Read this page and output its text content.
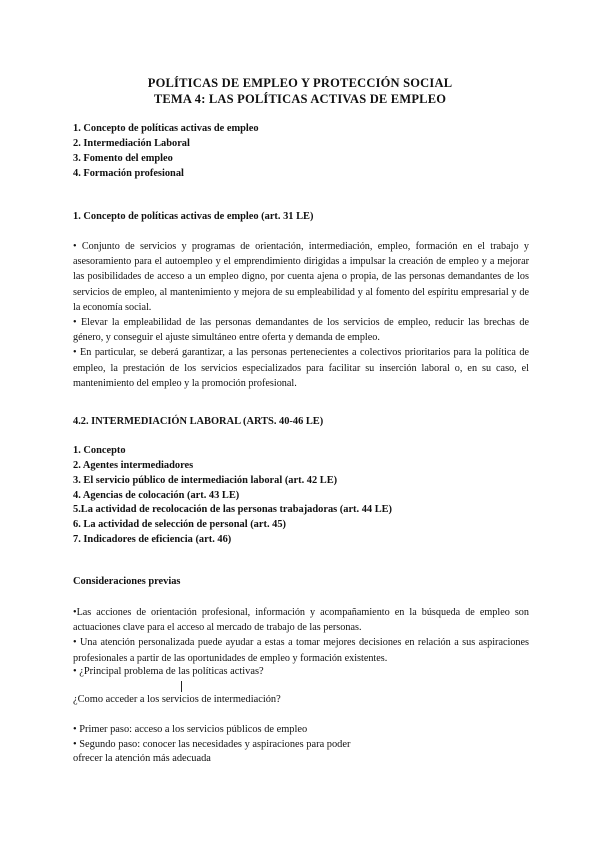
POLÍTICAS DE EMPLEO Y PROTECCIÓN SOCIAL
TEMA 4: LAS POLÍTICAS ACTIVAS DE EMPLEO
1. Concepto de políticas activas de empleo
2. Intermediación Laboral
3. Fomento del empleo
4. Formación profesional
1. Concepto de políticas activas de empleo (art. 31 LE)

• Conjunto de servicios y programas de orientación, intermediación, empleo, formación en el trabajo y asesoramiento para el autoempleo y el emprendimiento dirigidas a impulsar la creación de empleo y a mejorar las posibilidades de acceso a un empleo digno, por cuenta ajena o propia, de las personas demandantes de los servicios de empleo, al mantenimiento y mejora de su empleabilidad y al fomento del espíritu empresarial y de la economía social.

• Elevar la empleabilidad de las personas demandantes de los servicios de empleo, reducir las brechas de género, y conseguir el ajuste simultáneo entre oferta y demanda de empleo.

• En particular, se deberá garantizar, a las personas pertenecientes a colectivos prioritarios para la política de empleo, la prestación de los servicios especializados para facilitar su inserción laboral o, en su caso, el mantenimiento del empleo y la promoción profesional.

4.2. INTERMEDIACIÓN LABORAL (ARTS. 40-46 LE)
1. Concepto
2. Agentes intermediadores
3. El servicio público de intermediación laboral (art. 42 LE)
4. Agencias de colocación (art. 43 LE)
5.La actividad de recolocación de las personas trabajadoras (art. 44 LE)
6. La actividad de selección de personal (art. 45)
7. Indicadores de eficiencia (art. 46)
Consideraciones previas

•Las acciones de orientación profesional, información y acompañamiento en la búsqueda de empleo son actuaciones clave para el acceso al mercado de trabajo de las personas.

• Una atención personalizada puede ayudar a estas a tomar mejores decisiones en relación a sus aspiraciones profesionales a partir de las oportunidades de empleo y formación existentes.

• ¿Principal problema de las políticas activas?
¿Como acceder a los servicios de intermediación?
• Primer paso: acceso a los servicios públicos de empleo
• Segundo paso: conocer las necesidades y aspiraciones para poder
ofrecer la atención más adecuada
